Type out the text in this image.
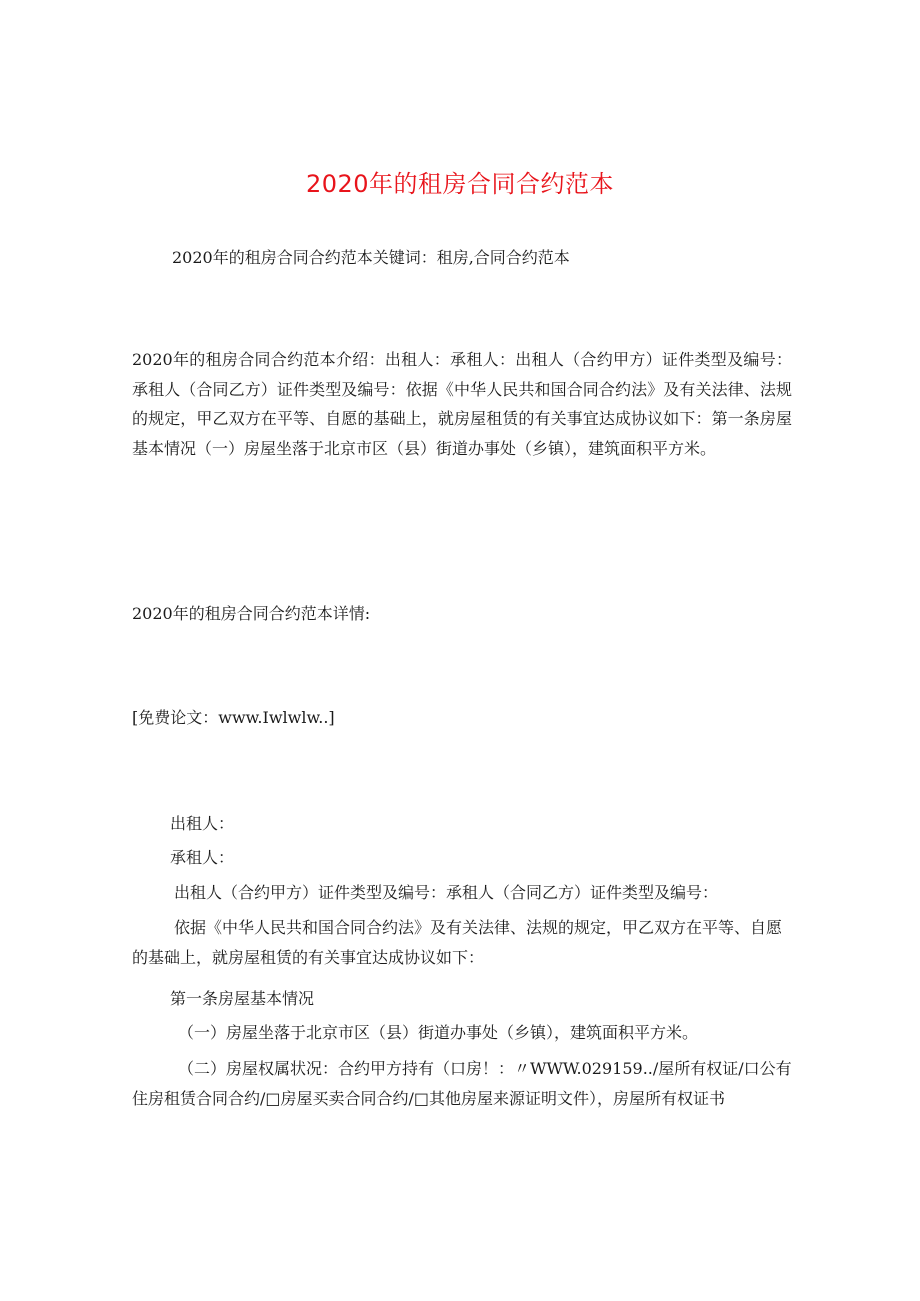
2020年的租房合同合约范本

2020年的租房合同合约范本关键词：租房,合同合约范本

2020年的租房合同合约范本介绍：出租人：承租人：出租人（合约甲方）证件类型及编号：承租人（合同乙方）证件类型及编号：依据《中华人民共和国合同合约法》及有关法律、法规的规定，甲乙双方在平等、自愿的基础上，就房屋租赁的有关事宜达成协议如下：第一条房屋基本情况（一）房屋坐落于北京市区（县）街道办事处（乡镇），建筑面积平方米。

2020年的租房合同合约范本详情:

[免费论文：www.Iwlwlw..]

出租人：

承租人：

出租人（合约甲方）证件类型及编号：承租人（合同乙方）证件类型及编号：

依据《中华人民共和国合同合约法》及有关法律、法规的规定，甲乙双方在平等、自愿的基础上，就房屋租赁的有关事宜达成协议如下：

第一条房屋基本情况

（一）房屋坐落于北京市区（县）街道办事处（乡镇），建筑面积平方米。

（二）房屋权属状况：合约甲方持有（口房！：〃WWW.029159../屋所有权证/口公有住房租赁合同合约/□房屋买卖合同合约/□其他房屋来源证明文件），房屋所有权证书
